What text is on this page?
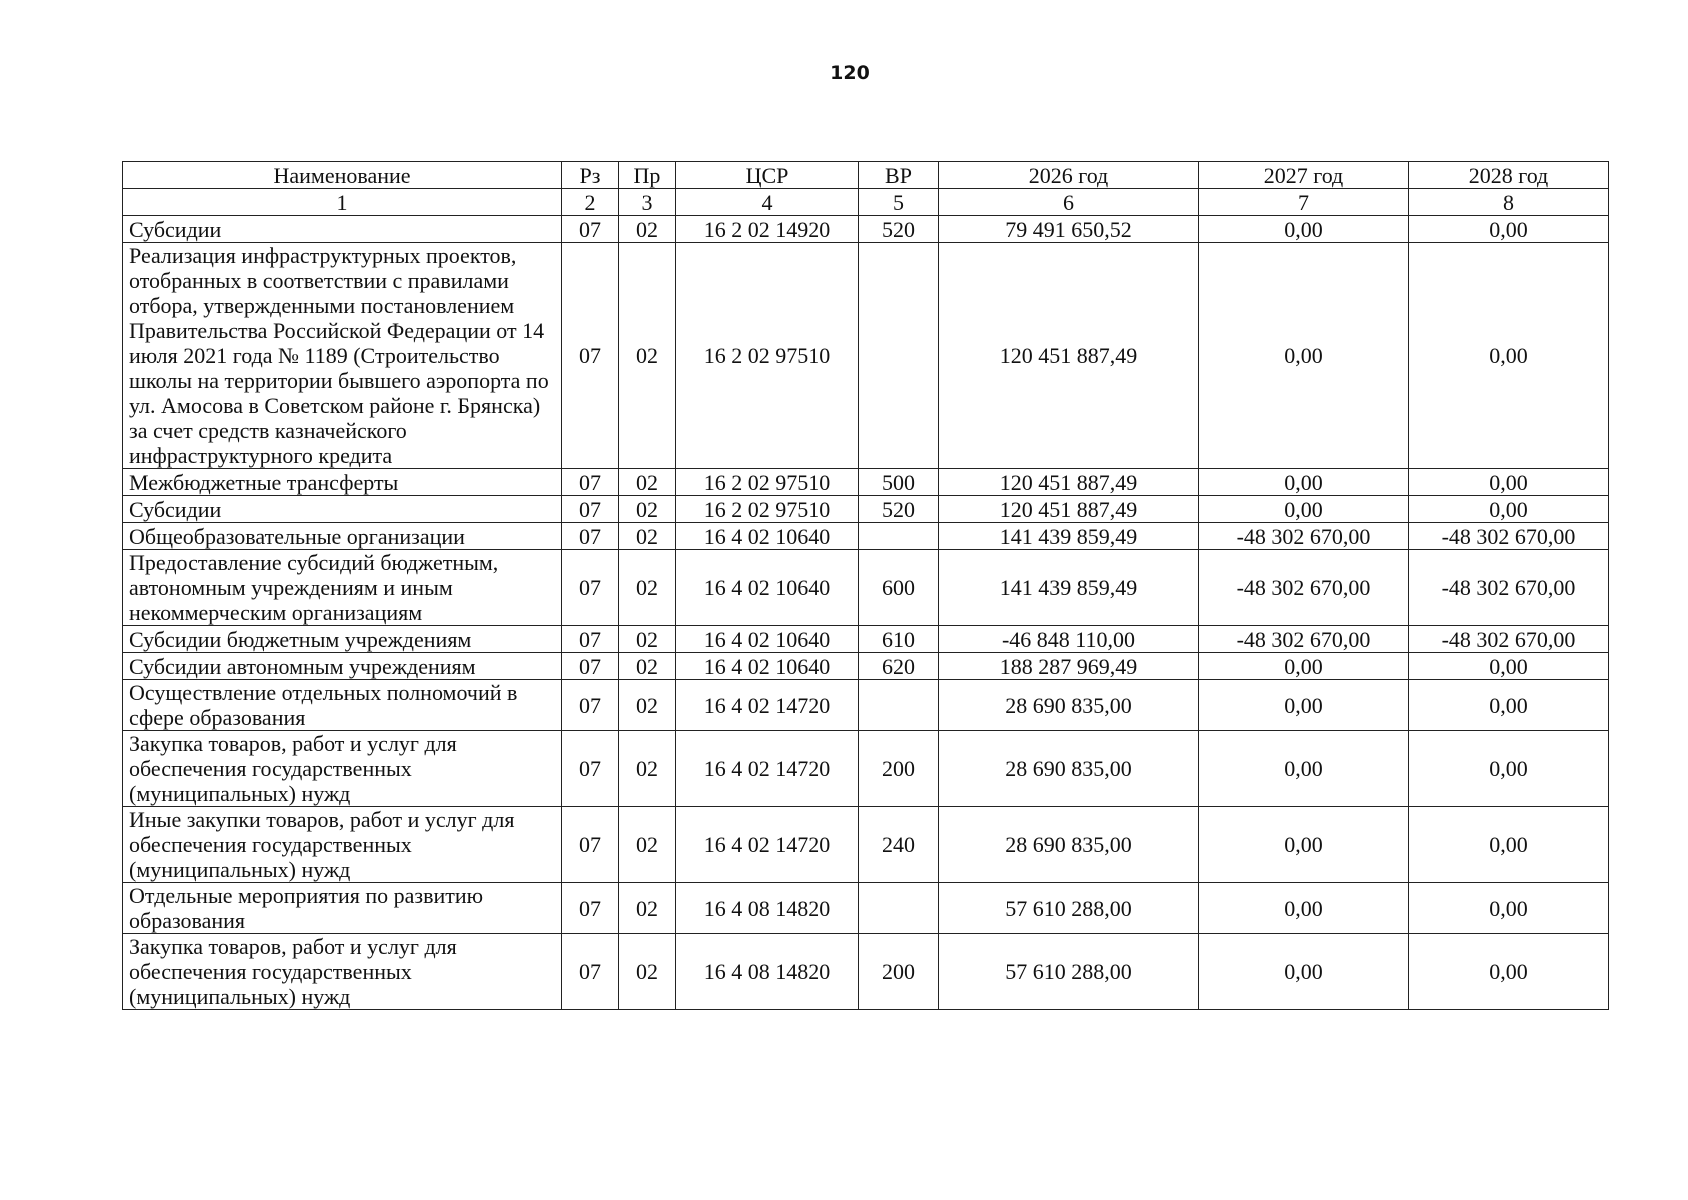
120
Наименование	Рз	Пр	ЦСР	ВР	2026 год	2027 год	2028 год
1	2	3	4	5	6	7	8
Субсидии	07	02	16 2 02 14920	520	79 491 650,52	0,00	0,00
Реализация инфраструктурных проектов, отобранных в соответствии с правилами отбора, утвержденными постановлением Правительства Российской Федерации от 14 июля 2021 года № 1189 (Строительство школы на территории бывшего аэропорта по ул. Амосова в Советском районе г. Брянска) за счет средств казначейского инфраструктурного кредита	07	02	16 2 02 97510		120 451 887,49	0,00	0,00
Межбюджетные трансферты	07	02	16 2 02 97510	500	120 451 887,49	0,00	0,00
Субсидии	07	02	16 2 02 97510	520	120 451 887,49	0,00	0,00
Общеобразовательные организации	07	02	16 4 02 10640		141 439 859,49	-48 302 670,00	-48 302 670,00
Предоставление субсидий бюджетным, автономным учреждениям и иным некоммерческим организациям	07	02	16 4 02 10640	600	141 439 859,49	-48 302 670,00	-48 302 670,00
Субсидии бюджетным учреждениям	07	02	16 4 02 10640	610	-46 848 110,00	-48 302 670,00	-48 302 670,00
Субсидии автономным учреждениям	07	02	16 4 02 10640	620	188 287 969,49	0,00	0,00
Осуществление отдельных полномочий в сфере образования	07	02	16 4 02 14720		28 690 835,00	0,00	0,00
Закупка товаров, работ и услуг для обеспечения государственных (муниципальных) нужд	07	02	16 4 02 14720	200	28 690 835,00	0,00	0,00
Иные закупки товаров, работ и услуг для обеспечения государственных (муниципальных) нужд	07	02	16 4 02 14720	240	28 690 835,00	0,00	0,00
Отдельные мероприятия по развитию образования	07	02	16 4 08 14820		57 610 288,00	0,00	0,00
Закупка товаров, работ и услуг для обеспечения государственных (муниципальных) нужд	07	02	16 4 08 14820	200	57 610 288,00	0,00	0,00
